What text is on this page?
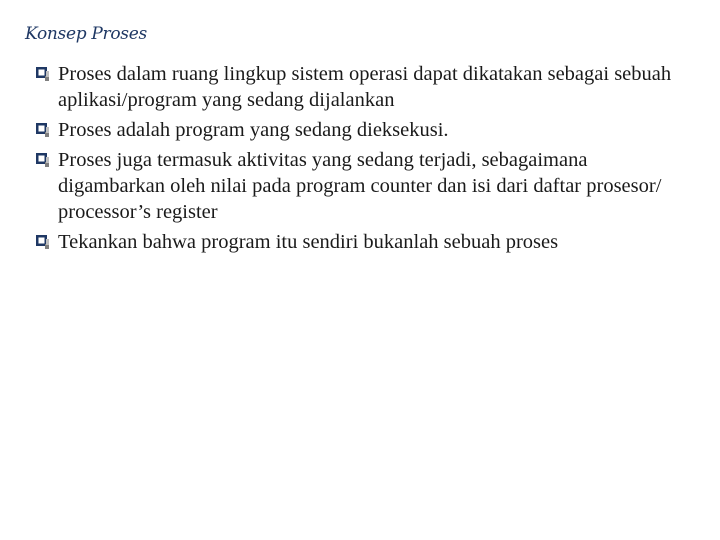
Konsep Proses
Proses dalam ruang lingkup sistem operasi dapat dikatakan sebagai sebuah aplikasi/program yang sedang dijalankan
Proses adalah program yang sedang dieksekusi.
Proses juga termasuk aktivitas yang sedang terjadi, sebagaimana digambarkan oleh nilai pada program counter dan isi dari daftar prosesor/ processor’s register
Tekankan bahwa program itu sendiri bukanlah sebuah proses
